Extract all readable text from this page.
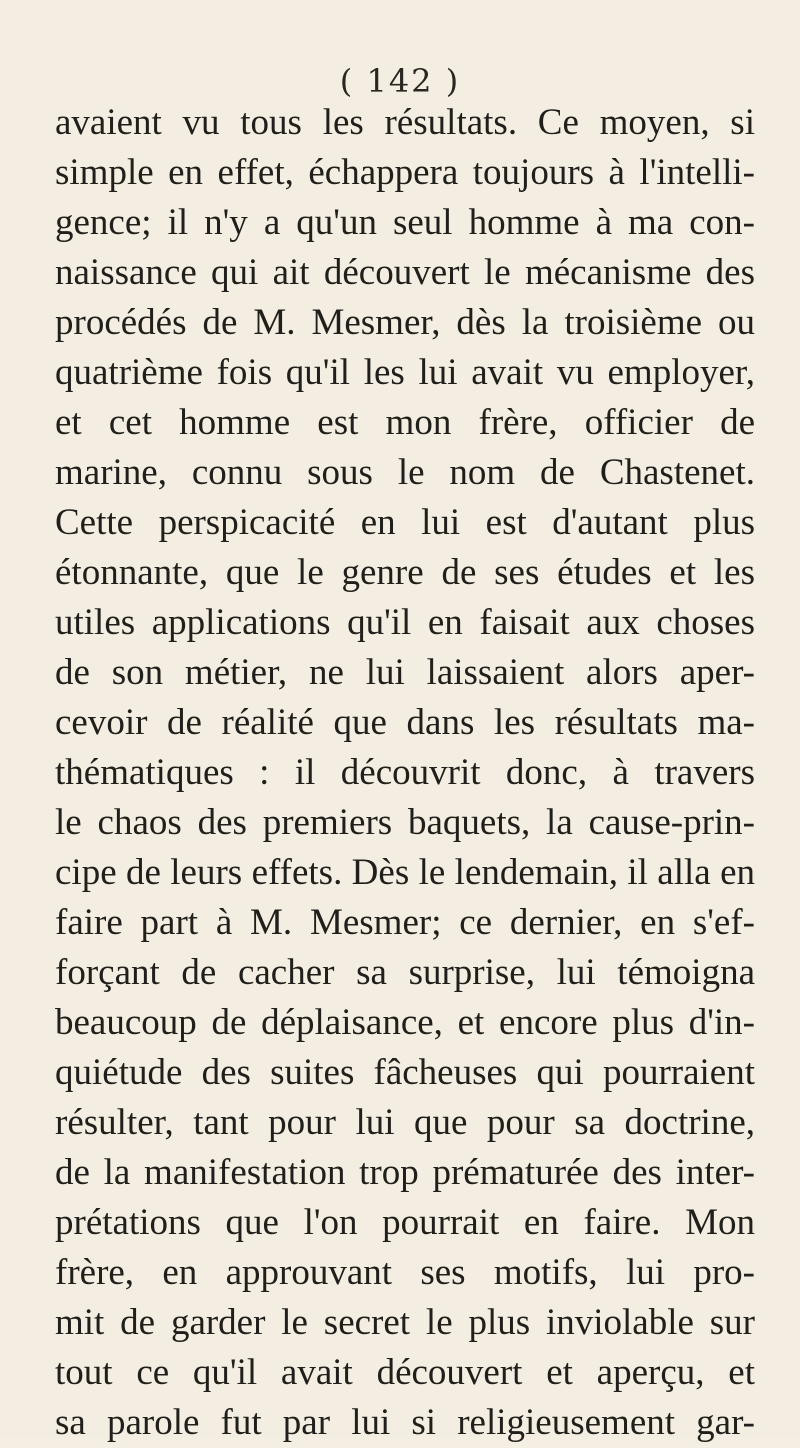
( 142 )
avaient vu tous les résultats. Ce moyen, si
simple en effet, échappera toujours à l'intelli-
gence; il n'y a qu'un seul homme à ma con-
naissance qui ait découvert le mécanisme des
procédés de M. Mesmer, dès la troisième ou
quatrième fois qu'il les lui avait vu employer,
et cet homme est mon frère, officier de
marine, connu sous le nom de Chastenet.
Cette perspicacité en lui est d'autant plus
étonnante, que le genre de ses études et les
utiles applications qu'il en faisait aux choses
de son métier, ne lui laissaient alors aper-
cevoir de réalité que dans les résultats ma-
thématiques : il découvrit donc, à travers
le chaos des premiers baquets, la cause-prin-
cipe de leurs effets. Dès le lendemain, il alla en
faire part à M. Mesmer; ce dernier, en s'ef-
forçant de cacher sa surprise, lui témoigna
beaucoup de déplaisance, et encore plus d'in-
quiétude des suites fâcheuses qui pourraient
résulter, tant pour lui que pour sa doctrine,
de la manifestation trop prématurée des inter-
prétations que l'on pourrait en faire. Mon
frère, en approuvant ses motifs, lui pro-
mit de garder le secret le plus inviolable sur
tout ce qu'il avait découvert et aperçu, et
sa parole fut par lui si religieusement gar-
